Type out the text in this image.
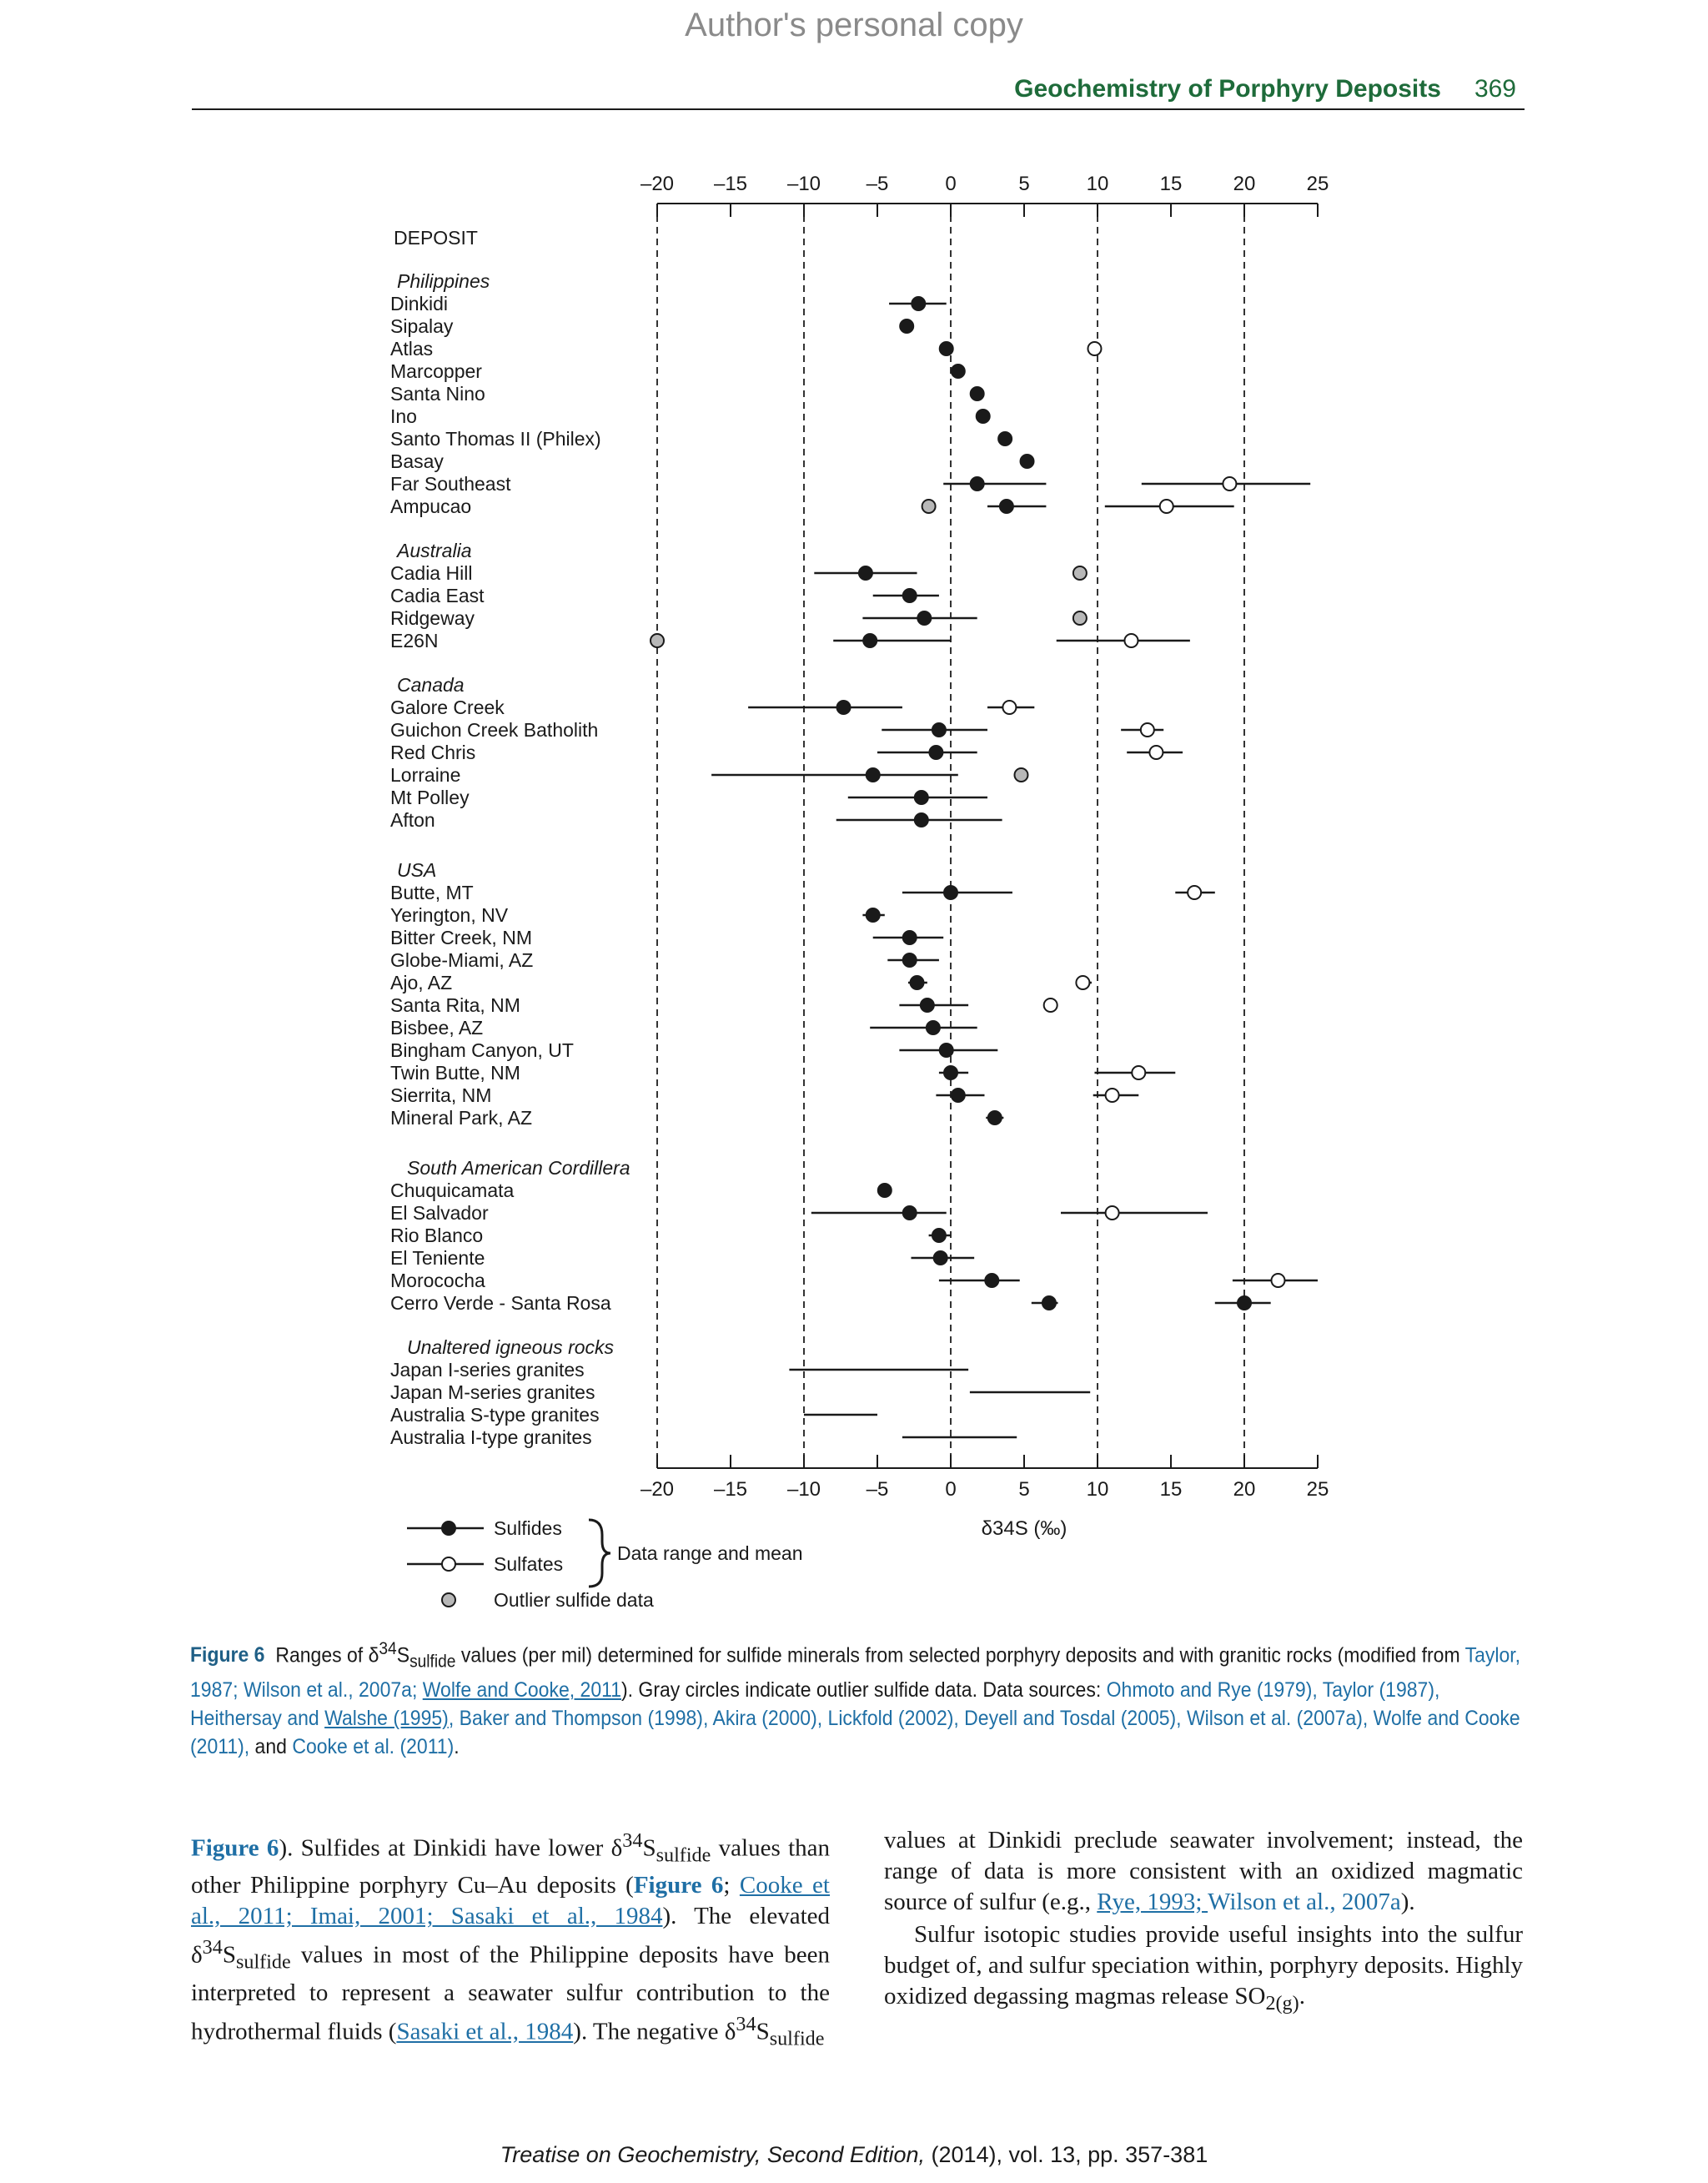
Author's personal copy
Geochemistry of Porphyry Deposits 369
–20 –15 –10 –5	0	5	10	15	20	25
–20 –15 –10 –5	0	5	10	15	20	25
δ34S (‰)
DEPOSIT
Philippines
Dinkidi
Sipalay
Atlas
Marcopper
Santa Nino
Ino
Santo Thomas II (Philex)
Basay
Far Southeast
Ampucao
Australia
Cadia Hill
Cadia East
Ridgeway
E26N
Canada
Galore Creek
Guichon Creek Batholith
Red Chris
Lorraine
Mt Polley
Afton
USA
Butte, MT
Yerington, NV
Bitter Creek, NM
Globe-Miami, AZ
Ajo, AZ
Santa Rita, NM
Bisbee, AZ
Bingham Canyon, UT
Twin Butte, NM
Sierrita, NM
Mineral Park, AZ
South American Cordillera
Chuquicamata
El Salvador
Rio Blanco
El Teniente
Morococha
Cerro Verde - Santa Rosa
Unaltered igneous rocks
Japan I-series granites
Japan M-series granites
Australia S-type granites
Australia I-type granites
Sulfides
Sulfates	Data range and mean
Outlier sulfide data
Figure 6 Ranges of $\delta^{34}S_{sulfide}$ values (per mil) determined for sulfide minerals from selected porphyry deposits and with granitic rocks (modified from Taylor, 1987; Wilson et al., 2007a; Wolfe and Cooke, 2011). Gray circles indicate outlier sulfide data. Data sources: Ohmoto and Rye (1979), Taylor (1987), Heithersay and Walshe (1995), Baker and Thompson (1998), Akira (2000), Lickfold (2002), Deyell and Tosdal (2005), Wilson et al. (2007a), Wolfe and Cooke (2011), and Cooke et al. (2011).
Figure 6). Sulfides at Dinkidi have lower $\delta^{34}S_{sulfide}$ values than other Philippine porphyry Cu–Au deposits (Figure 6; Cooke et al., 2011; Imai, 2001; Sasaki et al., 1984). The elevated $\delta^{34}S_{sulfide}$ values in most of the Philippine deposits have been interpreted to represent a seawater sulfur contribution to the hydrothermal fluids (Sasaki et al., 1984). The negative $\delta^{34}S_{sulfide}$
values at Dinkidi preclude seawater involvement; instead, the range of data is more consistent with an oxidized magmatic source of sulfur (e.g., Rye, 1993; Wilson et al., 2007a).
Sulfur isotopic studies provide useful insights into the sulfur budget of, and sulfur speciation within, porphyry deposits. Highly oxidized degassing magmas release $SO_{2(g)}$.
Treatise on Geochemistry, Second Edition, (2014), vol. 13, pp. 357-381
